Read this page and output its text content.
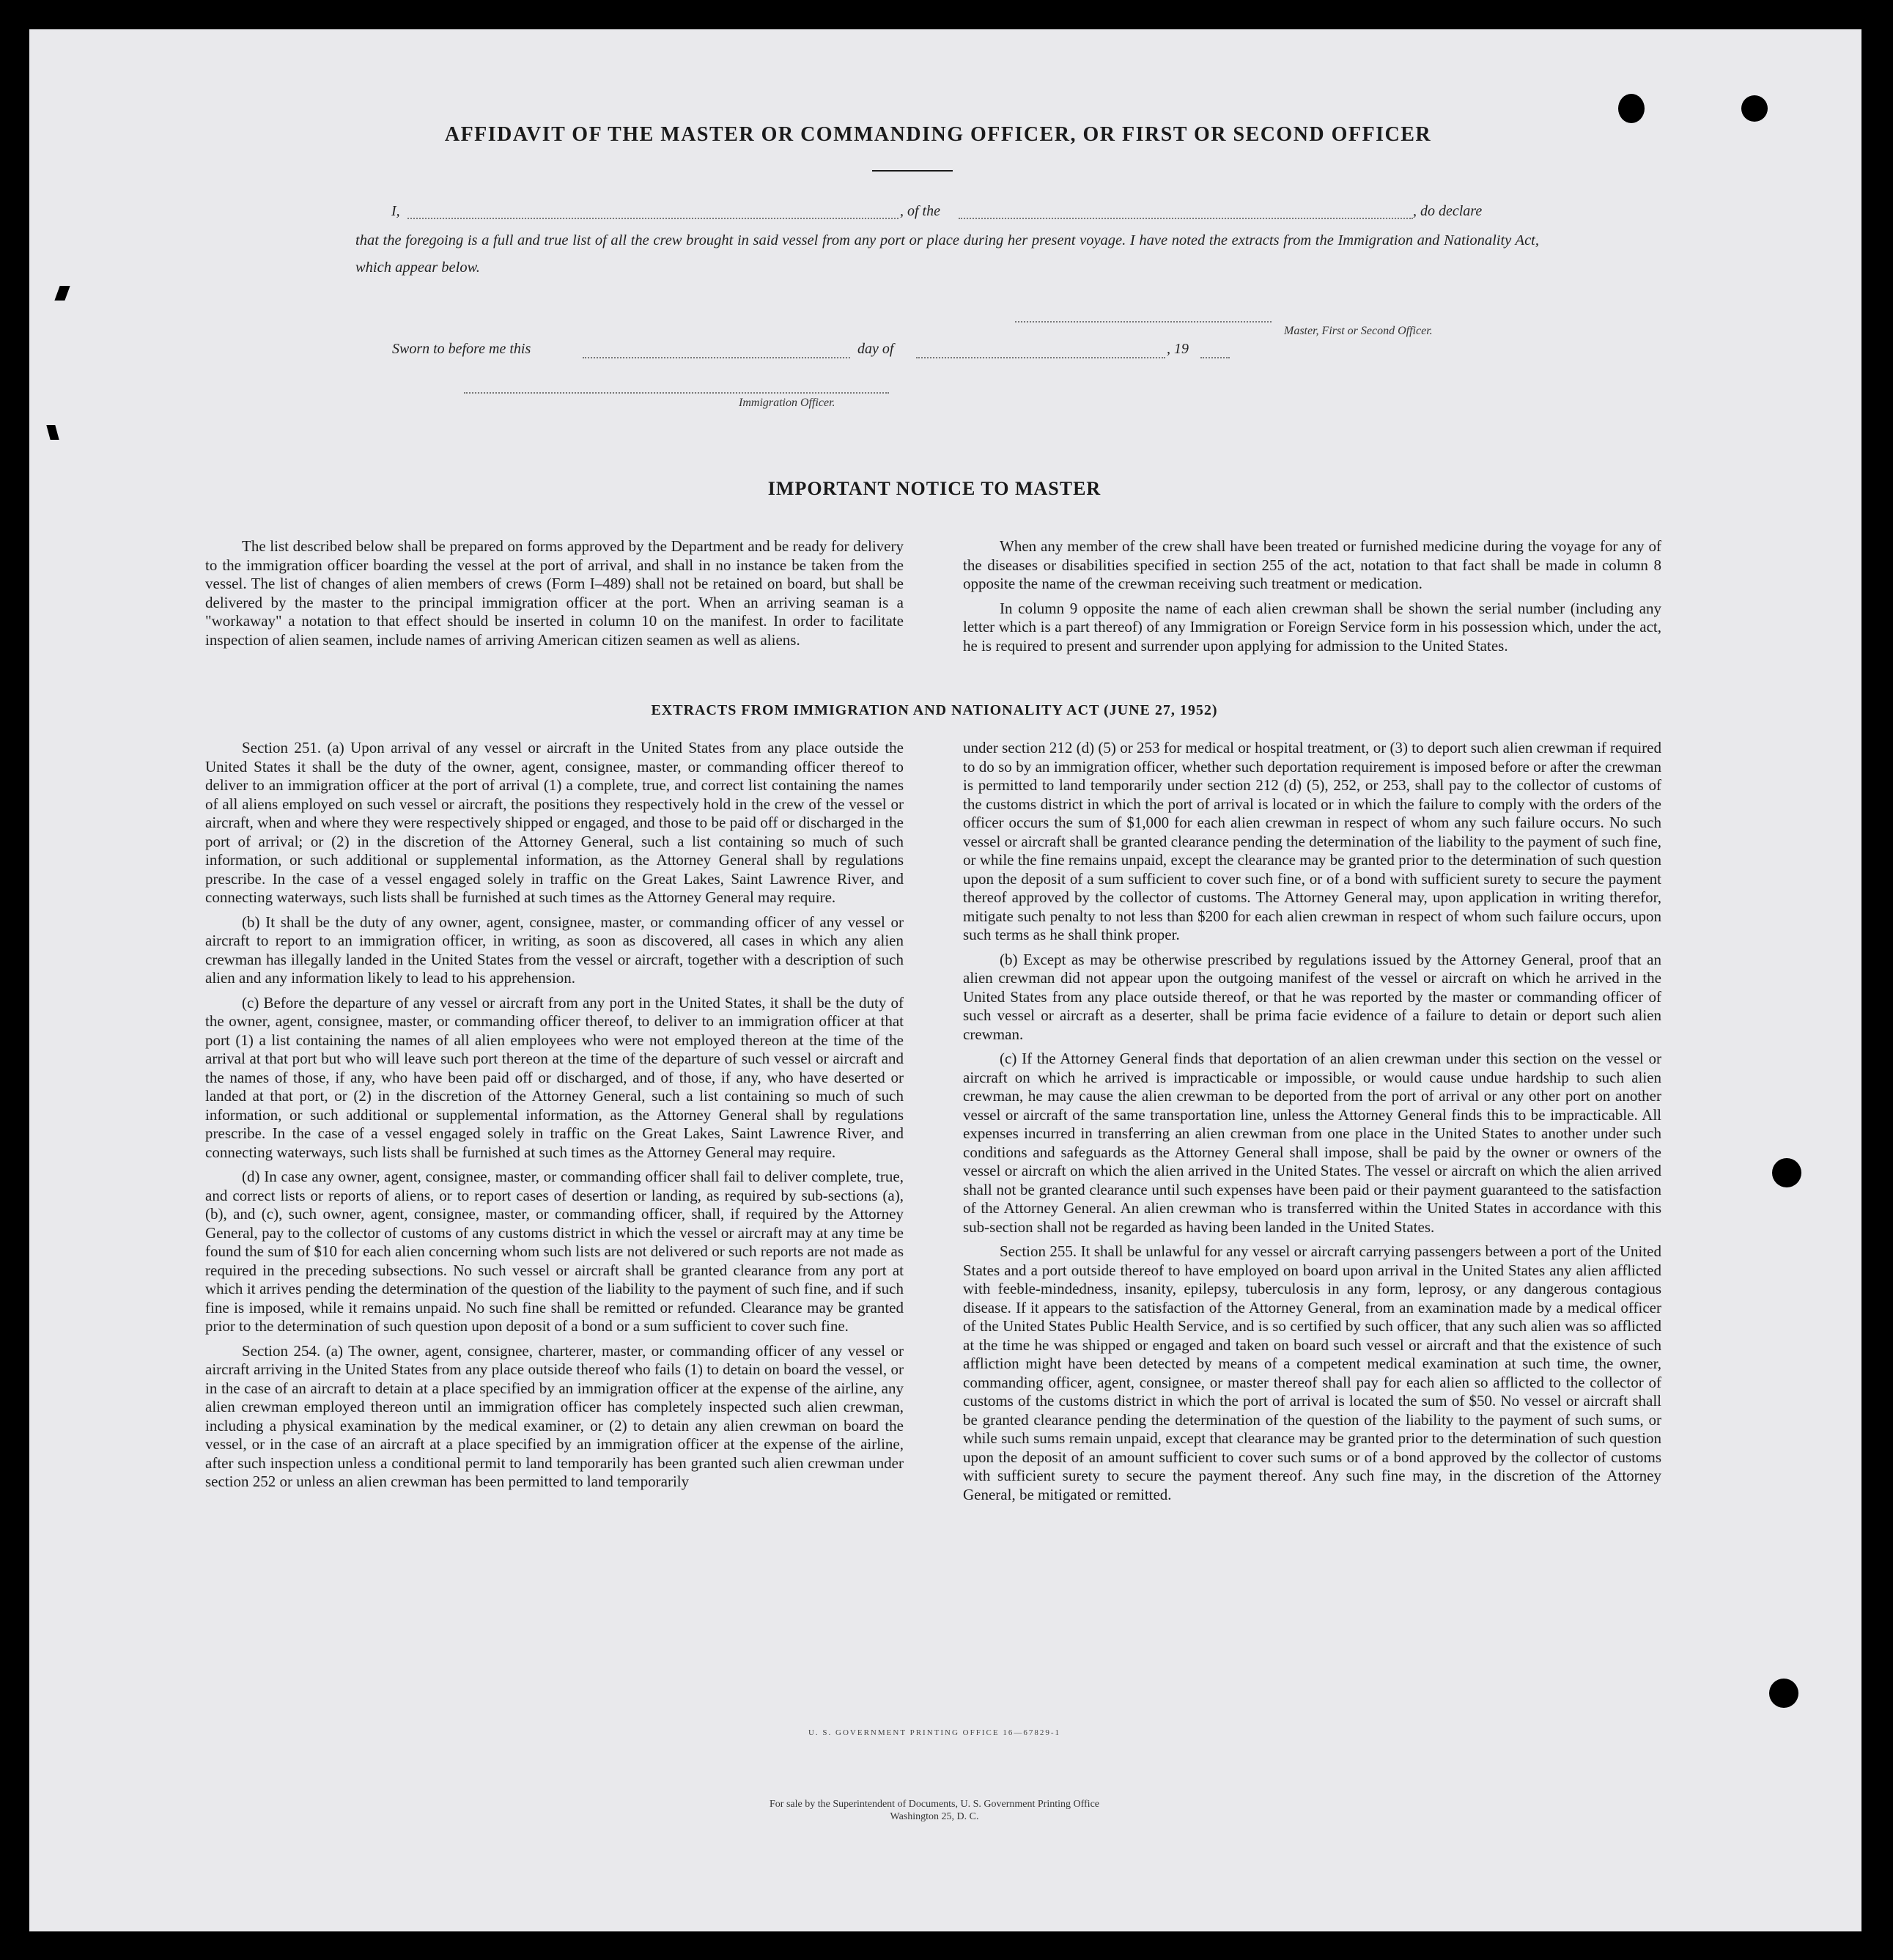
AFFIDAVIT OF THE MASTER OR COMMANDING OFFICER, OR FIRST OR SECOND OFFICER
I,	, of the	, do declare
that the foregoing is a full and true list of all the crew brought in said vessel from any port or place during her present voyage. I have noted the extracts from the Immigration and Nationality Act, which appear below.
Master, First or Second Officer.
Sworn to before me this	day of	, 19
Immigration Officer.
IMPORTANT NOTICE TO MASTER

The list described below shall be prepared on forms approved by the Department and be ready for delivery to the immigration officer boarding the vessel at the port of arrival, and shall in no instance be taken from the vessel. The list of changes of alien members of crews (Form I–489) shall not be retained on board, but shall be delivered by the master to the principal immigration officer at the port. When an arriving seaman is a "workaway" a notation to that effect should be inserted in column 10 on the manifest. In order to facilitate inspection of alien seamen, include names of arriving American citizen seamen as well as aliens.

When any member of the crew shall have been treated or furnished medicine during the voyage for any of the diseases or disabilities specified in section 255 of the act, notation to that fact shall be made in column 8 opposite the name of the crewman receiving such treatment or medication.

In column 9 opposite the name of each alien crewman shall be shown the serial number (including any letter which is a part thereof) of any Immigration or Foreign Service form in his possession which, under the act, he is required to present and surrender upon applying for admission to the United States.

EXTRACTS FROM IMMIGRATION AND NATIONALITY ACT (JUNE 27, 1952)

Section 251. (a) Upon arrival of any vessel or aircraft in the United States from any place outside the United States it shall be the duty of the owner, agent, consignee, master, or commanding officer thereof to deliver to an immigration officer at the port of arrival (1) a complete, true, and correct list containing the names of all aliens employed on such vessel or aircraft, the positions they respectively hold in the crew of the vessel or aircraft, when and where they were respectively shipped or engaged, and those to be paid off or discharged in the port of arrival; or (2) in the discretion of the Attorney General, such a list containing so much of such information, or such additional or supplemental information, as the Attorney General shall by regulations prescribe. In the case of a vessel engaged solely in traffic on the Great Lakes, Saint Lawrence River, and connecting waterways, such lists shall be furnished at such times as the Attorney General may require.

(b) It shall be the duty of any owner, agent, consignee, master, or commanding officer of any vessel or aircraft to report to an immigration officer, in writing, as soon as discovered, all cases in which any alien crewman has illegally landed in the United States from the vessel or aircraft, together with a description of such alien and any information likely to lead to his apprehension.

(c) Before the departure of any vessel or aircraft from any port in the United States, it shall be the duty of the owner, agent, consignee, master, or commanding officer thereof, to deliver to an immigration officer at that port (1) a list containing the names of all alien employees who were not employed thereon at the time of the arrival at that port but who will leave such port thereon at the time of the departure of such vessel or aircraft and the names of those, if any, who have been paid off or discharged, and of those, if any, who have deserted or landed at that port, or (2) in the discretion of the Attorney General, such a list containing so much of such information, or such additional or supplemental information, as the Attorney General shall by regulations prescribe. In the case of a vessel engaged solely in traffic on the Great Lakes, Saint Lawrence River, and connecting waterways, such lists shall be furnished at such times as the Attorney General may require.

(d) In case any owner, agent, consignee, master, or commanding officer shall fail to deliver complete, true, and correct lists or reports of aliens, or to report cases of desertion or landing, as required by sub-sections (a), (b), and (c), such owner, agent, consignee, master, or commanding officer, shall, if required by the Attorney General, pay to the collector of customs of any customs district in which the vessel or aircraft may at any time be found the sum of $10 for each alien concerning whom such lists are not delivered or such reports are not made as required in the preceding subsections. No such vessel or aircraft shall be granted clearance from any port at which it arrives pending the determination of the question of the liability to the payment of such fine, and if such fine is imposed, while it remains unpaid. No such fine shall be remitted or refunded. Clearance may be granted prior to the determination of such question upon deposit of a bond or a sum sufficient to cover such fine.

Section 254. (a) The owner, agent, consignee, charterer, master, or commanding officer of any vessel or aircraft arriving in the United States from any place outside thereof who fails (1) to detain on board the vessel, or in the case of an aircraft to detain at a place specified by an immigration officer at the expense of the airline, any alien crewman employed thereon until an immigration officer has completely inspected such alien crewman, including a physical examination by the medical examiner, or (2) to detain any alien crewman on board the vessel, or in the case of an aircraft at a place specified by an immigration officer at the expense of the airline, after such inspection unless a conditional permit to land temporarily has been granted such alien crewman under section 252 or unless an alien crewman has been permitted to land temporarily

under section 212 (d) (5) or 253 for medical or hospital treatment, or (3) to deport such alien crewman if required to do so by an immigration officer, whether such deportation requirement is imposed before or after the crewman is permitted to land temporarily under section 212 (d) (5), 252, or 253, shall pay to the collector of customs of the customs district in which the port of arrival is located or in which the failure to comply with the orders of the officer occurs the sum of $1,000 for each alien crewman in respect of whom any such failure occurs. No such vessel or aircraft shall be granted clearance pending the determination of the liability to the payment of such fine, or while the fine remains unpaid, except the clearance may be granted prior to the determination of such question upon the deposit of a sum sufficient to cover such fine, or of a bond with sufficient surety to secure the payment thereof approved by the collector of customs. The Attorney General may, upon application in writing therefor, mitigate such penalty to not less than $200 for each alien crewman in respect of whom such failure occurs, upon such terms as he shall think proper.

(b) Except as may be otherwise prescribed by regulations issued by the Attorney General, proof that an alien crewman did not appear upon the outgoing manifest of the vessel or aircraft on which he arrived in the United States from any place outside thereof, or that he was reported by the master or commanding officer of such vessel or aircraft as a deserter, shall be prima facie evidence of a failure to detain or deport such alien crewman.

(c) If the Attorney General finds that deportation of an alien crewman under this section on the vessel or aircraft on which he arrived is impracticable or impossible, or would cause undue hardship to such alien crewman, he may cause the alien crewman to be deported from the port of arrival or any other port on another vessel or aircraft of the same transportation line, unless the Attorney General finds this to be impracticable. All expenses incurred in transferring an alien crewman from one place in the United States to another under such conditions and safeguards as the Attorney General shall impose, shall be paid by the owner or owners of the vessel or aircraft on which the alien arrived in the United States. The vessel or aircraft on which the alien arrived shall not be granted clearance until such expenses have been paid or their payment guaranteed to the satisfaction of the Attorney General. An alien crewman who is transferred within the United States in accordance with this sub-section shall not be regarded as having been landed in the United States.

Section 255. It shall be unlawful for any vessel or aircraft carrying passengers between a port of the United States and a port outside thereof to have employed on board upon arrival in the United States any alien afflicted with feeble-mindedness, insanity, epilepsy, tuberculosis in any form, leprosy, or any dangerous contagious disease. If it appears to the satisfaction of the Attorney General, from an examination made by a medical officer of the United States Public Health Service, and is so certified by such officer, that any such alien was so afflicted at the time he was shipped or engaged and taken on board such vessel or aircraft and that the existence of such affliction might have been detected by means of a competent medical examination at such time, the owner, commanding officer, agent, consignee, or master thereof shall pay for each alien so afflicted to the collector of customs of the customs district in which the port of arrival is located the sum of $50. No vessel or aircraft shall be granted clearance pending the determination of the question of the liability to the payment of such sums, or while such sums remain unpaid, except that clearance may be granted prior to the determination of such question upon the deposit of an amount sufficient to cover such sums or of a bond approved by the collector of customs with sufficient surety to secure the payment thereof. Any such fine may, in the discretion of the Attorney General, be mitigated or remitted.

U. S. GOVERNMENT PRINTING OFFICE 16—67829-1
For sale by the Superintendent of Documents, U. S. Government Printing Office
Washington 25, D. C.
